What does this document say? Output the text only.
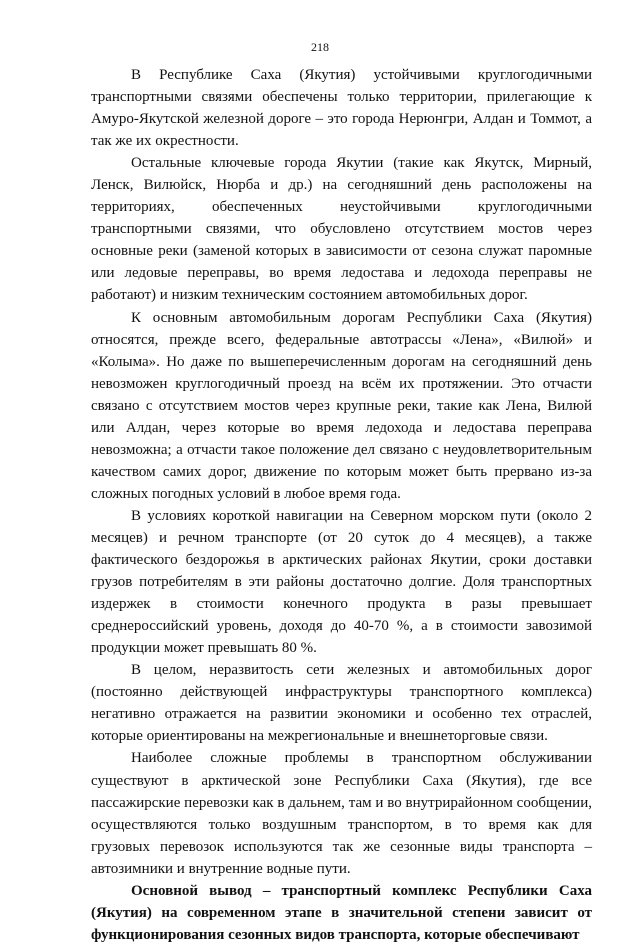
218

В Республике Саха (Якутия) устойчивыми круглогодичными транспортными связями обеспечены только территории, прилегающие к Амуро-Якутской железной дороге – это города Нерюнгри, Алдан и Томмот, а так же их окрестности.

Остальные ключевые города Якутии (такие как Якутск, Мирный, Ленск, Вилюйск, Нюрба и др.) на сегодняшний день расположены на территориях, обеспеченных неустойчивыми круглогодичными транспортными связями, что обусловлено отсутствием мостов через основные реки (заменой которых в зависимости от сезона служат паромные или ледовые переправы, во время ледостава и ледохода переправы не работают) и низким техническим состоянием автомобильных дорог.

К основным автомобильным дорогам Республики Саха (Якутия) относятся, прежде всего, федеральные автотрассы «Лена», «Вилюй» и «Колыма». Но даже по вышеперечисленным дорогам на сегодняшний день невозможен круглогодичный проезд на всём их протяжении. Это отчасти связано с отсутствием мостов через крупные реки, такие как Лена, Вилюй или Алдан, через которые во время ледохода и ледостава переправа невозможна; а отчасти такое положение дел связано с неудовлетворительным качеством самих дорог, движение по которым может быть прервано из-за сложных погодных условий в любое время года.

В условиях короткой навигации на Северном морском пути (около 2 месяцев) и речном транспорте (от 20 суток до 4 месяцев), а также фактического бездорожья в арктических районах Якутии, сроки доставки грузов потребителям в эти районы достаточно долгие. Доля транспортных издержек в стоимости конечного продукта в разы превышает среднероссийский уровень, доходя до 40-70 %, а в стоимости завозимой продукции может превышать 80 %.

В целом, неразвитость сети железных и автомобильных дорог (постоянно действующей инфраструктуры транспортного комплекса) негативно отражается на развитии экономики и особенно тех отраслей, которые ориентированы на межрегиональные и внешнеторговые связи.

Наиболее сложные проблемы в транспортном обслуживании существуют в арктической зоне Республики Саха (Якутия), где все пассажирские перевозки как в дальнем, там и во внутрирайонном сообщении, осуществляются только воздушным транспортом, в то время как для грузовых перевозок используются так же сезонные виды транспорта – автозимники и внутренние водные пути.

Основной вывод – транспортный комплекс Республики Саха (Якутия) на современном этапе в значительной степени зависит от функционирования сезонных видов транспорта, которые обеспечивают
